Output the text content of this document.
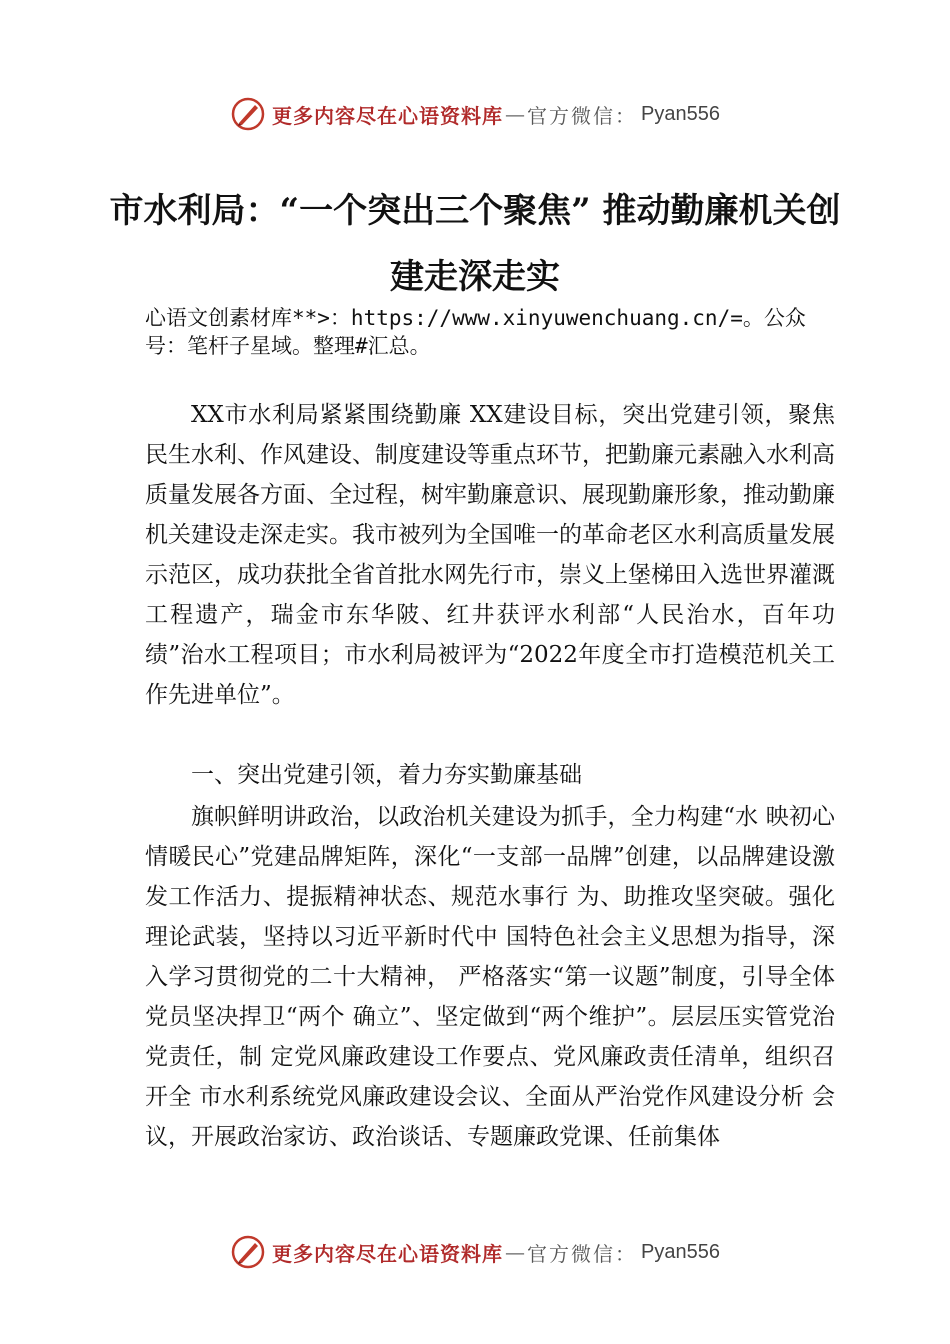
更多内容尽在心语资料库 — 官方微信： Pyan556
市水利局：“一个突出三个聚焦” 推动勤廉机关创建走深走实
心语文创素材库**>：https://www.xinyuwenchuang.cn/=。公众号：笔杆子星域。整理#汇总。
XX市水利局紧紧围绕勤廉 XX建设目标，突出党建引领，聚焦民生水利、作风建设、制度建设等重点环节，把勤廉元素融入水利高质量发展各方面、全过程，树牢勤廉意识、展现勤廉形象，推动勤廉机关建设走深走实。我市被列为全国唯一的革命老区水利高质量发展示范区，成功获批全省首批水网先行市，崇义上堡梯田入选世界灌溉工程遗产，瑞金市东华陂、红井获评水利部“人民治水，百年功绩”治水工程项目；市水利局被评为“2022年度全市打造模范机关工作先进单位”。
一、突出党建引领，着力夯实勤廉基础
旗帜鲜明讲政治，以政治机关建设为抓手，全力构建“水 映初心 情暖民心”党建品牌矩阵，深化“一支部一品牌”创建，以品牌建设激发工作活力、提振精神状态、规范水事行 为、助推攻坚突破。强化理论武装，坚持以习近平新时代中 国特色社会主义思想为指导，深入学习贯彻党的二十大精神， 严格落实“第一议题”制度，引导全体党员坚决捍卫“两个 确立”、坚定做到“两个维护”。层层压实管党治党责任，制 定党风廉政建设工作要点、党风廉政责任清单，组织召开全 市水利系统党风廉政建设会议、全面从严治党作风建设分析 会议，开展政治家访、政治谈话、专题廉政党课、任前集体
更多内容尽在心语资料库 — 官方微信： Pyan556
